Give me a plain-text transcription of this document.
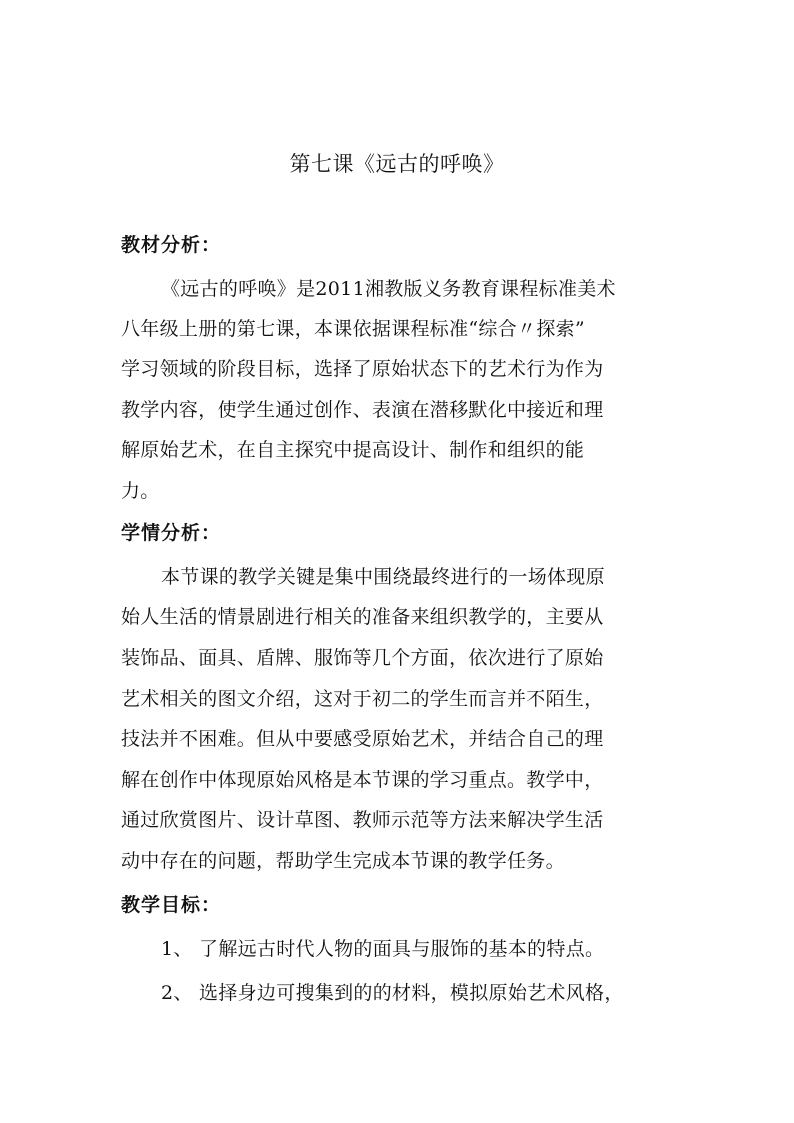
第七课《远古的呼唤》
教材分析：
《远古的呼唤》是2011湘教版义务教育课程标准美术
八年级上册的第七课，本课依据课程标准“综合〃探索”
学习领域的阶段目标，选择了原始状态下的艺术行为作为
教学内容，使学生通过创作、表演在潜移默化中接近和理
解原始艺术，在自主探究中提高设计、制作和组织的能
力。
学情分析：
本节课的教学关键是集中围绕最终进行的一场体现原
始人生活的情景剧进行相关的准备来组织教学的，主要从
装饰品、面具、盾牌、服饰等几个方面，依次进行了原始
艺术相关的图文介绍，这对于初二的学生而言并不陌生，
技法并不困难。但从中要感受原始艺术，并结合自己的理
解在创作中体现原始风格是本节课的学习重点。教学中，
通过欣赏图片、设计草图、教师示范等方法来解决学生活
动中存在的问题，帮助学生完成本节课的教学任务。
教学目标：
1、 了解远古时代人物的面具与服饰的基本的特点。
2、 选择身边可搜集到的的材料，模拟原始艺术风格，
